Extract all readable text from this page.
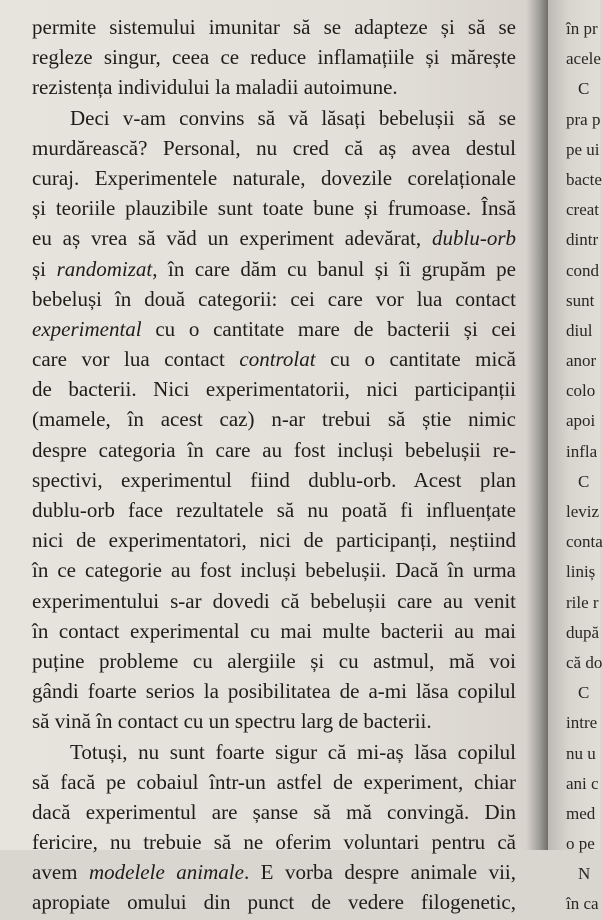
permite sistemului imunitar să se adapteze și să se
regleze singur, ceea ce reduce inflamațiile și mărește
rezistența individului la maladii autoimune.
Deci v-am convins să vă lăsați bebelușii să se
murdărească? Personal, nu cred că aș avea destul
curaj. Experimentele naturale, dovezile corelaționale
și teoriile plauzibile sunt toate bune și frumoase. Însă
eu aș vrea să văd un experiment adevărat, dublu-orb
și randomizat, în care dăm cu banul și îi grupăm pe
bebeluși în două categorii: cei care vor lua contact
experimental cu o cantitate mare de bacterii și cei
care vor lua contact controlat cu o cantitate mică
de bacterii. Nici experimentatorii, nici participanții
(mamele, în acest caz) n-ar trebui să știe nimic
despre categoria în care au fost incluși bebelușii re-
spectivi, experimentul fiind dublu-orb. Acest plan
dublu-orb face rezultatele să nu poată fi influențate
nici de experimentatori, nici de participanți, neștiind
în ce categorie au fost incluși bebelușii. Dacă în urma
experimentului s-ar dovedi că bebelușii care au venit
în contact experimental cu mai multe bacterii au mai
puține probleme cu alergiile și cu astmul, mă voi
gândi foarte serios la posibilitatea de a-mi lăsa copilul
să vină în contact cu un spectru larg de bacterii.
Totuși, nu sunt foarte sigur că mi-aș lăsa copilul
să facă pe cobaiul într-un astfel de experiment, chiar
dacă experimentul are șanse să mă convingă. Din
fericire, nu trebuie să ne oferim voluntari pentru că
avem modelele animale. E vorba despre animale vii,
apropiate omului din punct de vedere filogenetic,
în pr
acele
C
pra p
pe ui
bacte
creat
dintr
cond
sunt
diul
anor
colo
apoi
infla
C
leviz
conta
liniș
rile r
după
că do
C
intre
nu u
ani c
med
o pe
N
în ca
